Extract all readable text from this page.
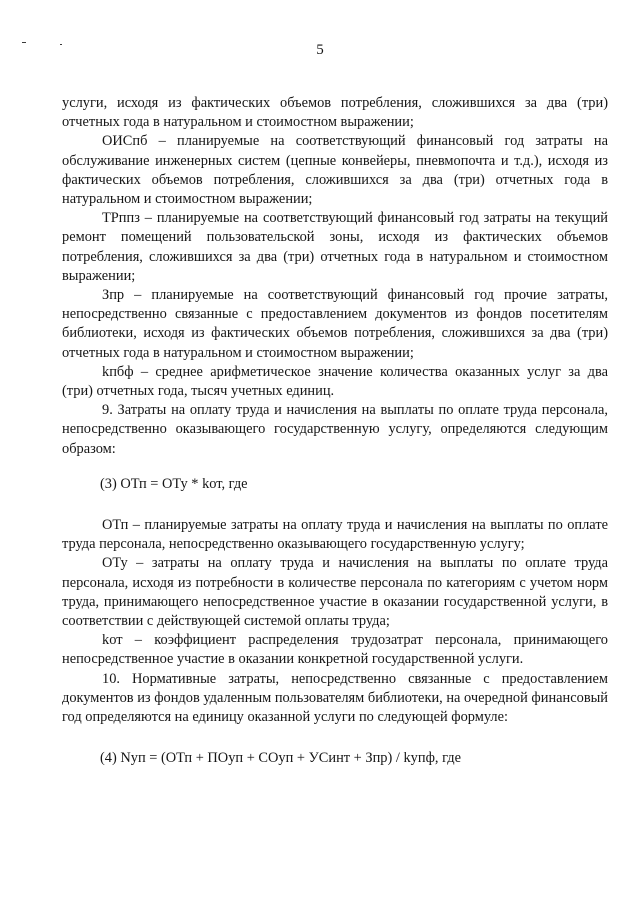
5

услуги, исходя из фактических объемов потребления, сложившихся за два (три) отчетных года в натуральном и стоимостном выражении;

ОИСпб – планируемые на соответствующий финансовый год затраты на обслуживание инженерных систем (цепные конвейеры, пневмопочта и т.д.), исходя из фактических объемов потребления, сложившихся за два (три) отчетных года в натуральном и стоимостном выражении;

ТРппз – планируемые на соответствующий финансовый год затраты на текущий ремонт помещений пользовательской зоны, исходя из фактических объемов потребления, сложившихся за два (три) отчетных года в натуральном и стоимостном выражении;

Зпр – планируемые на соответствующий финансовый год прочие затраты, непосредственно связанные с предоставлением документов из фондов посетителям библиотеки, исходя из фактических объемов потребления, сложившихся за два (три) отчетных года в натуральном и стоимостном выражении;

kпбф – среднее арифметическое значение количества оказанных услуг за два (три) отчетных года, тысяч учетных единиц.

9. Затраты на оплату труда и начисления на выплаты по оплате труда персонала, непосредственно оказывающего государственную услугу, определяются следующим образом:

(3) ОТп = ОТу * kот, где

ОТп – планируемые затраты на оплату труда и начисления на выплаты по оплате труда персонала, непосредственно оказывающего государственную услугу;

ОТу – затраты на оплату труда и начисления на выплаты по оплате труда персонала, исходя из потребности в количестве персонала по категориям с учетом норм труда, принимающего непосредственное участие в оказании государственной услуги, в соответствии с действующей системой оплаты труда;

kот – коэффициент распределения трудозатрат персонала, принимающего непосредственное участие в оказании конкретной государственной услуги.

10. Нормативные затраты, непосредственно связанные с предоставлением документов из фондов удаленным пользователям библиотеки, на очередной финансовый год определяются на единицу оказанной услуги по следующей формуле:

(4) Nуп = (ОТп + ПОуп + СОуп + УСинт + Зпр) / kупф, где
